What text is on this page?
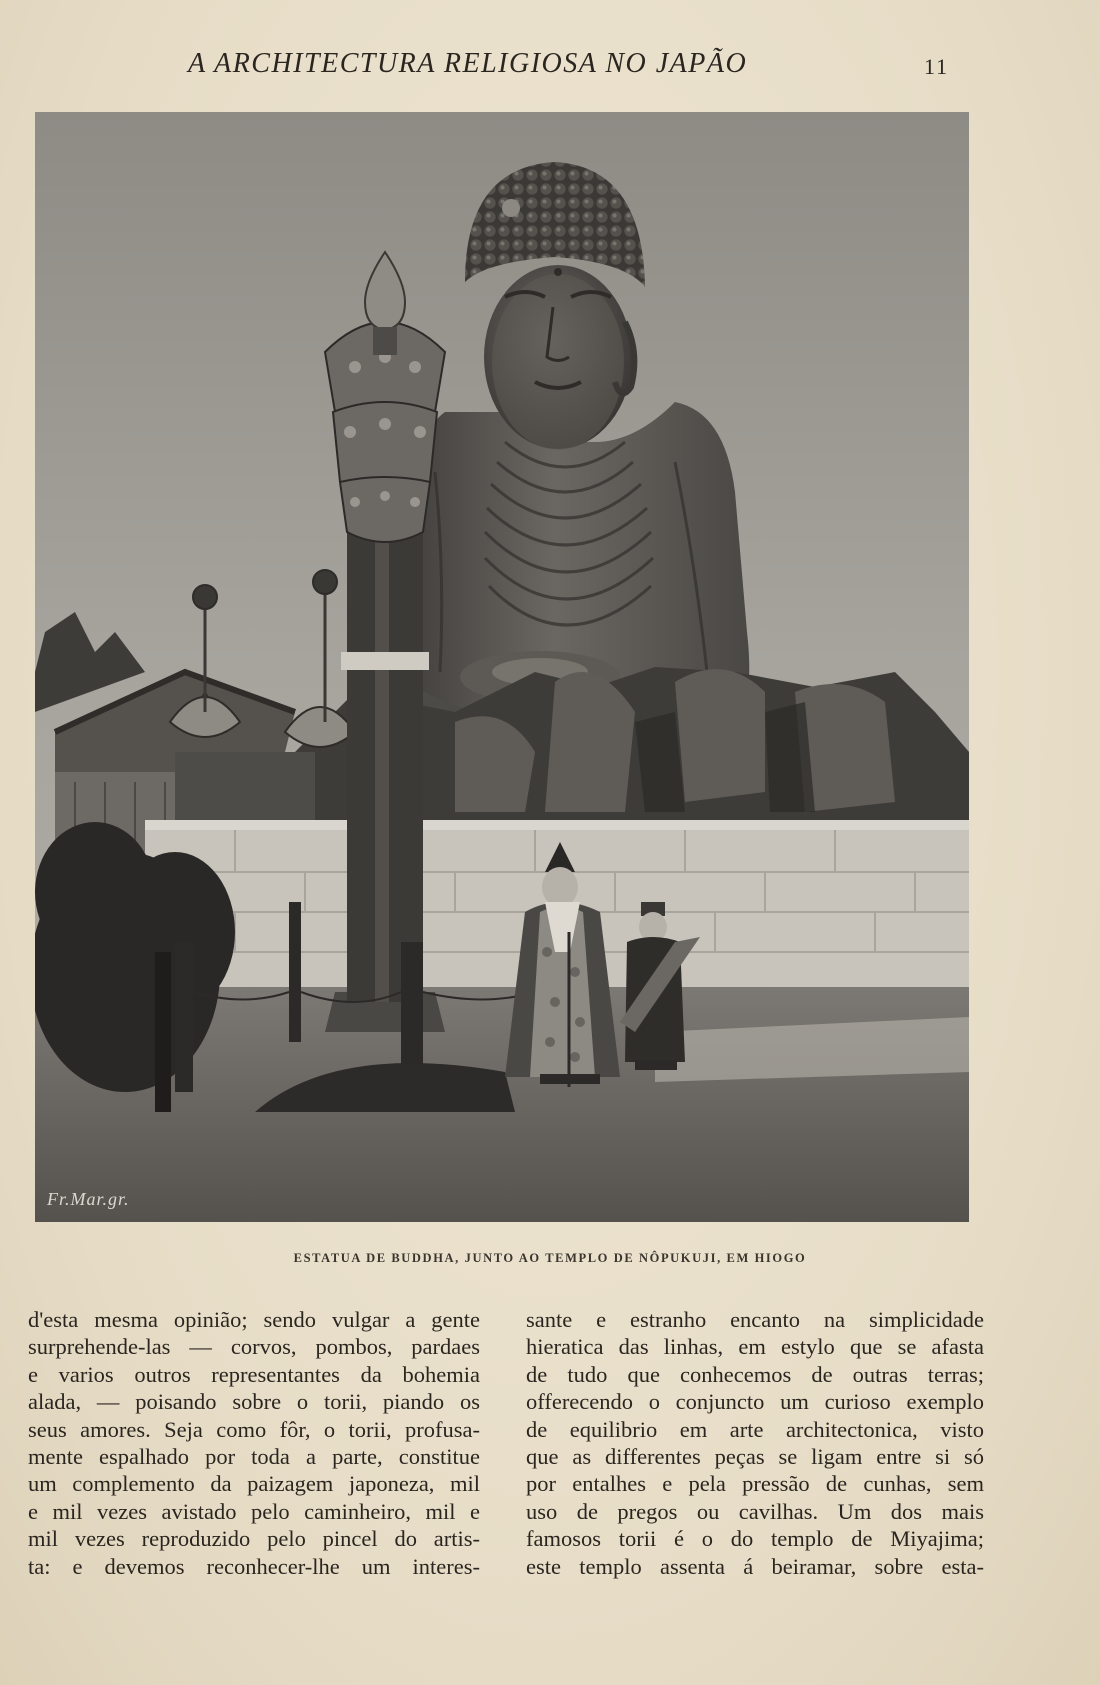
A ARCHITECTURA RELIGIOSA NO JAPÃO	11
Fr.Mar.gr.
ESTATUA DE BUDDHA, JUNTO AO TEMPLO DE NÔPUKUJI, EM HIOGO
d'esta mesma opinião; sendo vulgar a gente
surprehende-las — corvos, pombos, pardaes
e varios outros representantes da bohemia
alada, — poisando sobre o torii, piando os
seus amores. Seja como fôr, o torii, profusa-
mente espalhado por toda a parte, constitue
um complemento da paizagem japoneza, mil
e mil vezes avistado pelo caminheiro, mil e
mil vezes reproduzido pelo pincel do artis-
ta: e devemos reconhecer-lhe um interes-
sante e estranho encanto na simplicidade
hieratica das linhas, em estylo que se afasta
de tudo que conhecemos de outras terras;
offerecendo o conjuncto um curioso exemplo
de equilibrio em arte architectonica, visto
que as differentes peças se ligam entre si só
por entalhes e pela pressão de cunhas, sem
uso de pregos ou cavilhas. Um dos mais
famosos torii é o do templo de Miyajima;
este templo assenta á beiramar, sobre esta-
